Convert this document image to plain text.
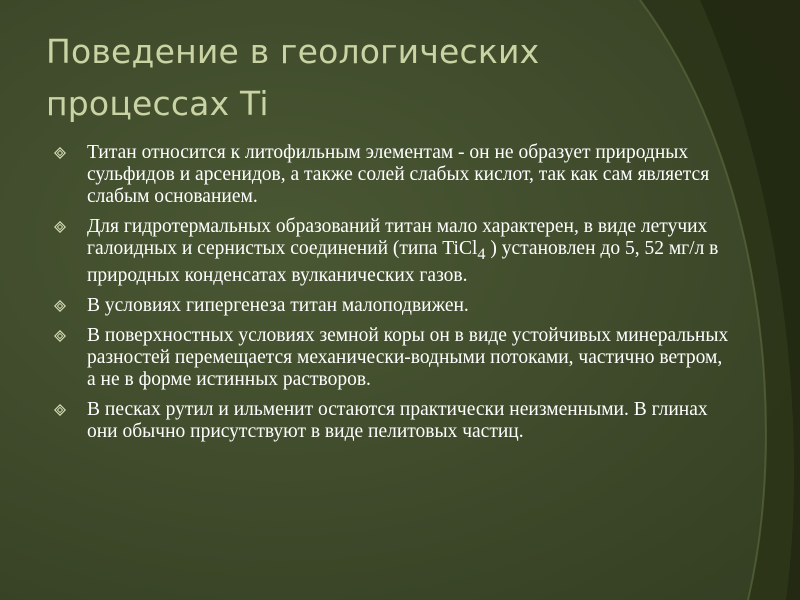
Поведение в геологических процессах Ti
Титан относится к литофильным элементам - он не образует природных сульфидов и арсенидов, а также солей слабых кислот, так как сам является слабым основанием.
Для гидротермальных образований титан мало характерен, в виде летучих галоидных и сернистых соединений (типа TiCl$_4$ ) установлен до 5, 52 мг/л в природных конденсатах вулканических газов.
В условиях гипергенеза титан малоподвижен.
В поверхностных условиях земной коры он в виде устойчивых минеральных разностей перемещается механически-водными потоками, частично ветром, а не в форме истинных растворов.
В песках рутил и ильменит остаются практически неизменными. В глинах они обычно присутствуют в виде пелитовых частиц.
